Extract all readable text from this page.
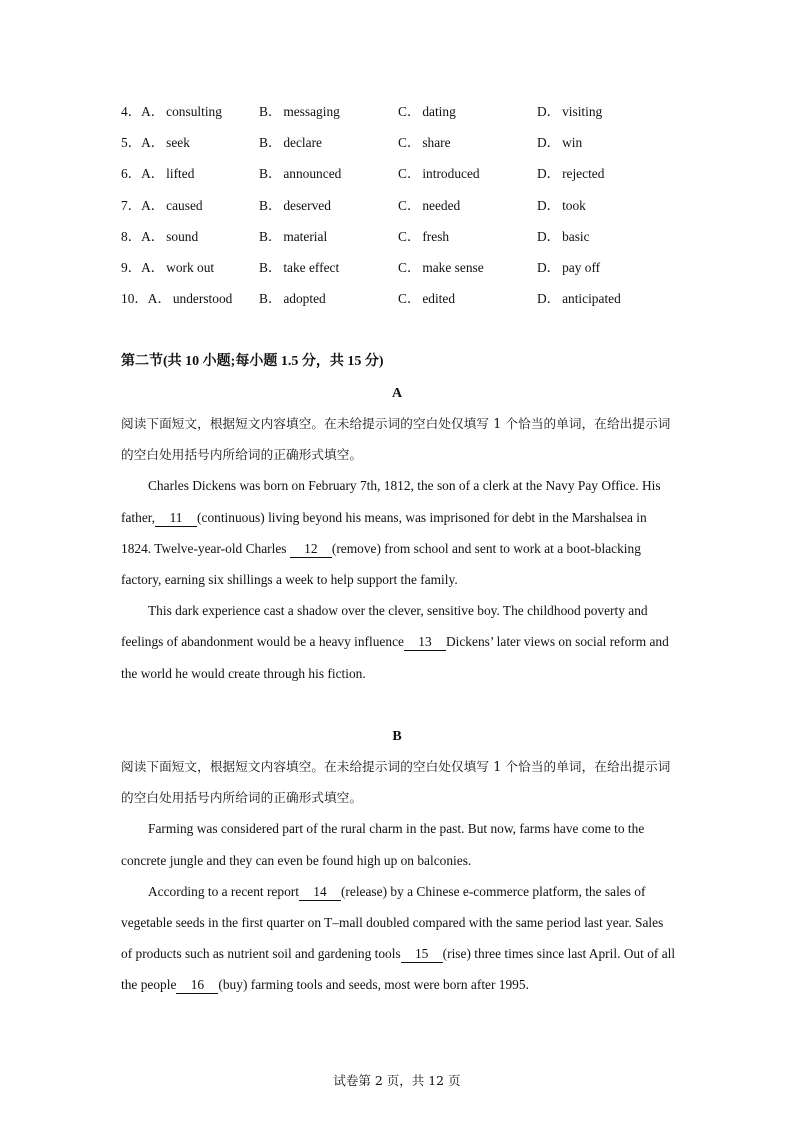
4 ． A ． consulting	B ． messaging	C ． dating	D ． visiting
5 ． A ． seek	B ． declare	C ． share	D ． win
6 ． A ． lifted	B ． announced	C ． introduced	D ． rejected
7 ． A ． caused	B ． deserved	C ． needed	D ． took
8 ． A ． sound	B ． material	C ． fresh	D ． basic
9 ． A ． work out	B ． take effect	C ． make sense	D ． pay off
10 ． A ． understood B ． adopted	C ． edited	D ． anticipated
第二节(共 10 小题;每小题 1.5 分，共 15 分)
A
阅读下面短文，根据短文内容填空。在未给提示词的空白处仅填写 1 个恰当的单词，在给出提示词的空白处用括号内所给词的正确形式填空。

Charles Dickens was born on February 7th, 1812, the son of a clerk at the Navy Pay Office. His father, 11 (continuous) living beyond his means, was imprisoned for debt in the Marshalsea in 1824. Twelve-year-old Charles 12 (remove) from school and sent to work at a boot-blacking factory, earning six shillings a week to help support the family.

This dark experience cast a shadow over the clever, sensitive boy. The childhood poverty and feelings of abandonment would be a heavy influence 13 Dickens’ later views on social reform and the world he would create through his fiction.

B
阅读下面短文，根据短文内容填空。在未给提示词的空白处仅填写 1 个恰当的单词，在给出提示词的空白处用括号内所给词的正确形式填空。

Farming was considered part of the rural charm in the past. But now, farms have come to the concrete jungle and they can even be found high up on balconies.

According to a recent report 14 (release) by a Chinese e-commerce platform, the sales of vegetable seeds in the first quarter on T–mall doubled compared with the same period last year. Sales of products such as nutrient soil and gardening tools 15 (rise) three times since last April. Out of all the people 16 (buy) farming tools and seeds, most were born after 1995.

试卷第 2 页，共 12 页
